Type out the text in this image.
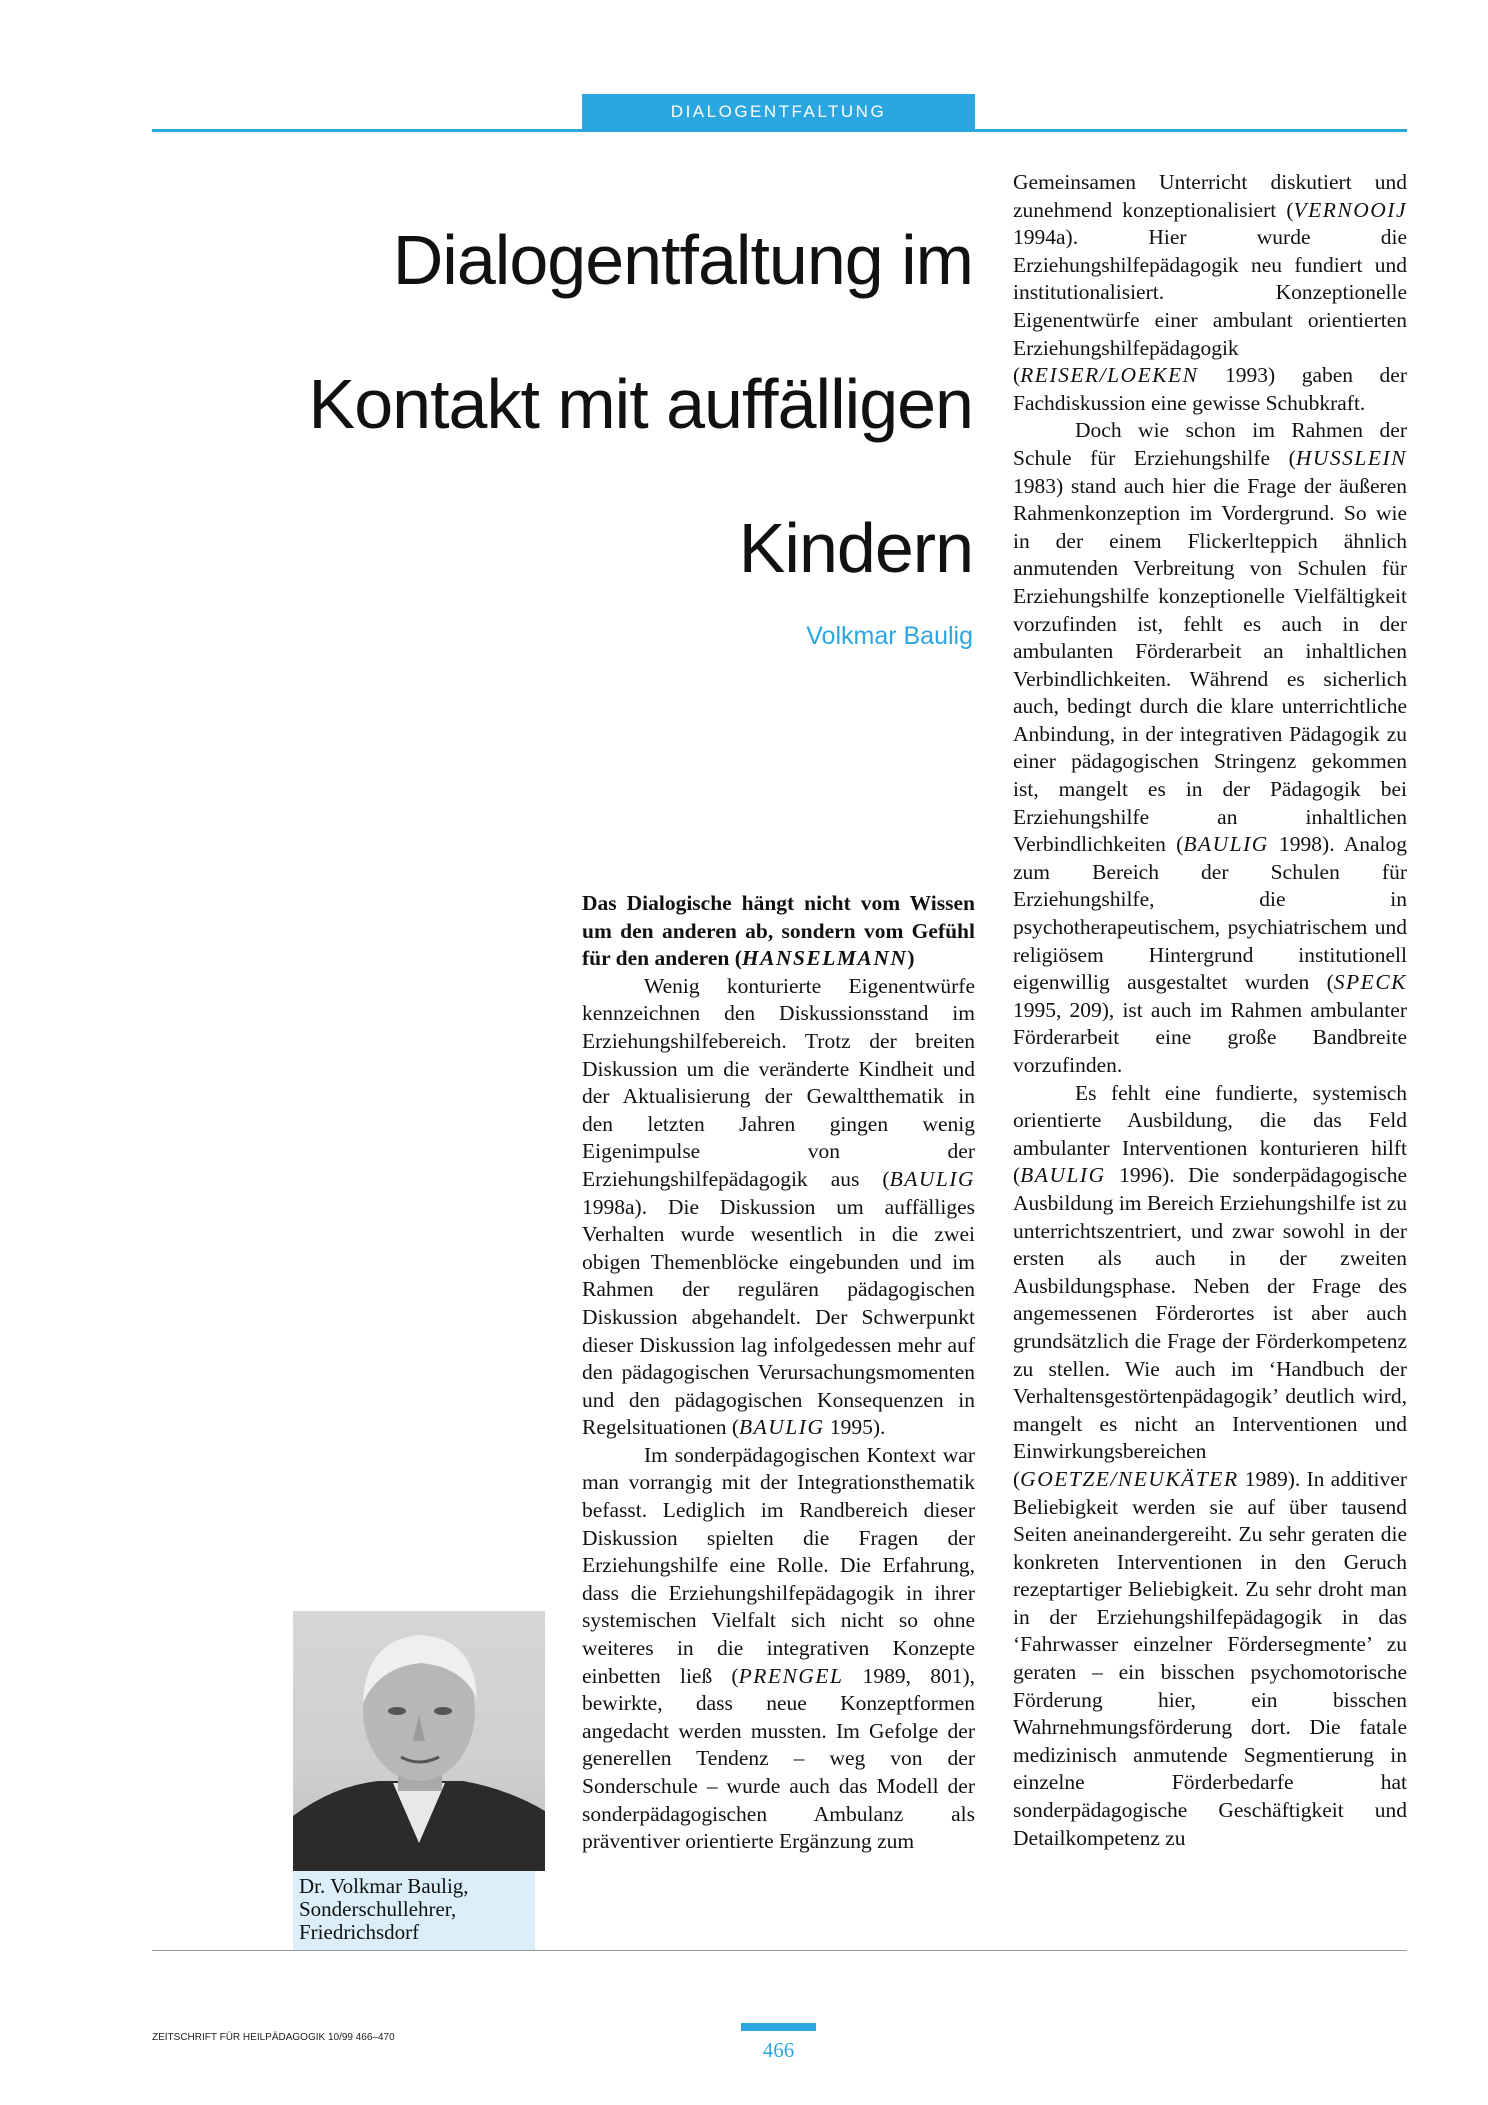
DIALOGENTFALTUNG
Dialogentfaltung im
Kontakt mit auffälligen
Kindern
Volkmar Baulig

Das Dialogische hängt nicht vom Wissen um den anderen ab, sondern vom Gefühl für den anderen (HANSELMANN)

Wenig konturierte Eigenentwürfe kennzeichnen den Diskussionsstand im Erziehungshilfebereich. Trotz der breiten Diskussion um die veränderte Kindheit und der Aktualisierung der Gewaltthematik in den letzten Jahren gingen wenig Eigenimpulse von der Erziehungshilfepädagogik aus (BAULIG 1998a). Die Diskussion um auffälliges Verhalten wurde wesentlich in die zwei obigen Themenblöcke eingebunden und im Rahmen der regulären pädagogischen Diskussion abgehandelt. Der Schwerpunkt dieser Diskussion lag infolgedessen mehr auf den pädagogischen Verursachungsmomenten und den pädagogischen Konsequenzen in Regelsituationen (BAULIG 1995).

Im sonderpädagogischen Kontext war man vorrangig mit der Integrationsthematik befasst. Lediglich im Randbereich dieser Diskussion spielten die Fragen der Erziehungshilfe eine Rolle. Die Erfahrung, dass die Erziehungshilfepädagogik in ihrer systemischen Vielfalt sich nicht so ohne weiteres in die integrativen Konzepte einbetten ließ (PRENGEL 1989, 801), bewirkte, dass neue Konzeptformen angedacht werden mussten. Im Gefolge der generellen Tendenz – weg von der Sonderschule – wurde auch das Modell der sonderpädagogischen Ambulanz als präventiver orientierte Ergänzung zum

Gemeinsamen Unterricht diskutiert und zunehmend konzeptionalisiert (VERNOOIJ 1994a). Hier wurde die Erziehungshilfepädagogik neu fundiert und institutionalisiert. Konzeptionelle Eigenentwürfe einer ambulant orientierten Erziehungshilfepädagogik (REISER/LOEKEN 1993) gaben der Fachdiskussion eine gewisse Schubkraft.

Doch wie schon im Rahmen der Schule für Erziehungshilfe (HUSSLEIN 1983) stand auch hier die Frage der äußeren Rahmenkonzeption im Vordergrund. So wie in der einem Flickerlteppich ähnlich anmutenden Verbreitung von Schulen für Erziehungshilfe konzeptionelle Vielfältigkeit vorzufinden ist, fehlt es auch in der ambulanten Förderarbeit an inhaltlichen Verbindlichkeiten. Während es sicherlich auch, bedingt durch die klare unterrichtliche Anbindung, in der integrativen Pädagogik zu einer pädagogischen Stringenz gekommen ist, mangelt es in der Pädagogik bei Erziehungshilfe an inhaltlichen Verbindlichkeiten (BAULIG 1998). Analog zum Bereich der Schulen für Erziehungshilfe, die in psychotherapeutischem, psychiatrischem und religiösem Hintergrund institutionell eigenwillig ausgestaltet wurden (SPECK 1995, 209), ist auch im Rahmen ambulanter Förderarbeit eine große Bandbreite vorzufinden.

Es fehlt eine fundierte, systemisch orientierte Ausbildung, die das Feld ambulanter Interventionen konturieren hilft (BAULIG 1996). Die sonderpädagogische Ausbildung im Bereich Erziehungshilfe ist zu unterrichtszentriert, und zwar sowohl in der ersten als auch in der zweiten Ausbildungsphase. Neben der Frage des angemessenen Förderortes ist aber auch grundsätzlich die Frage der Förderkompetenz zu stellen. Wie auch im ‘Handbuch der Verhaltensgestörtenpädagogik’ deutlich wird, mangelt es nicht an Interventionen und Einwirkungsbereichen (GOETZE/NEUKÄTER 1989). In additiver Beliebigkeit werden sie auf über tausend Seiten aneinandergereiht. Zu sehr geraten die konkreten Interventionen in den Geruch rezeptartiger Beliebigkeit. Zu sehr droht man in der Erziehungshilfepädagogik in das ‘Fahrwasser einzelner Fördersegmente’ zu geraten – ein bisschen psychomotorische Förderung hier, ein bisschen Wahrnehmungsförderung dort. Die fatale medizinisch anmutende Segmentierung in einzelne Förderbedarfe hat sonderpädagogische Geschäftigkeit und Detailkompetenz zu

Dr. Volkmar Baulig,
Sonderschullehrer,
Friedrichsdorf
ZEITSCHRIFT FÜR HEILPÄDAGOGIK 10/99 466–470
466
